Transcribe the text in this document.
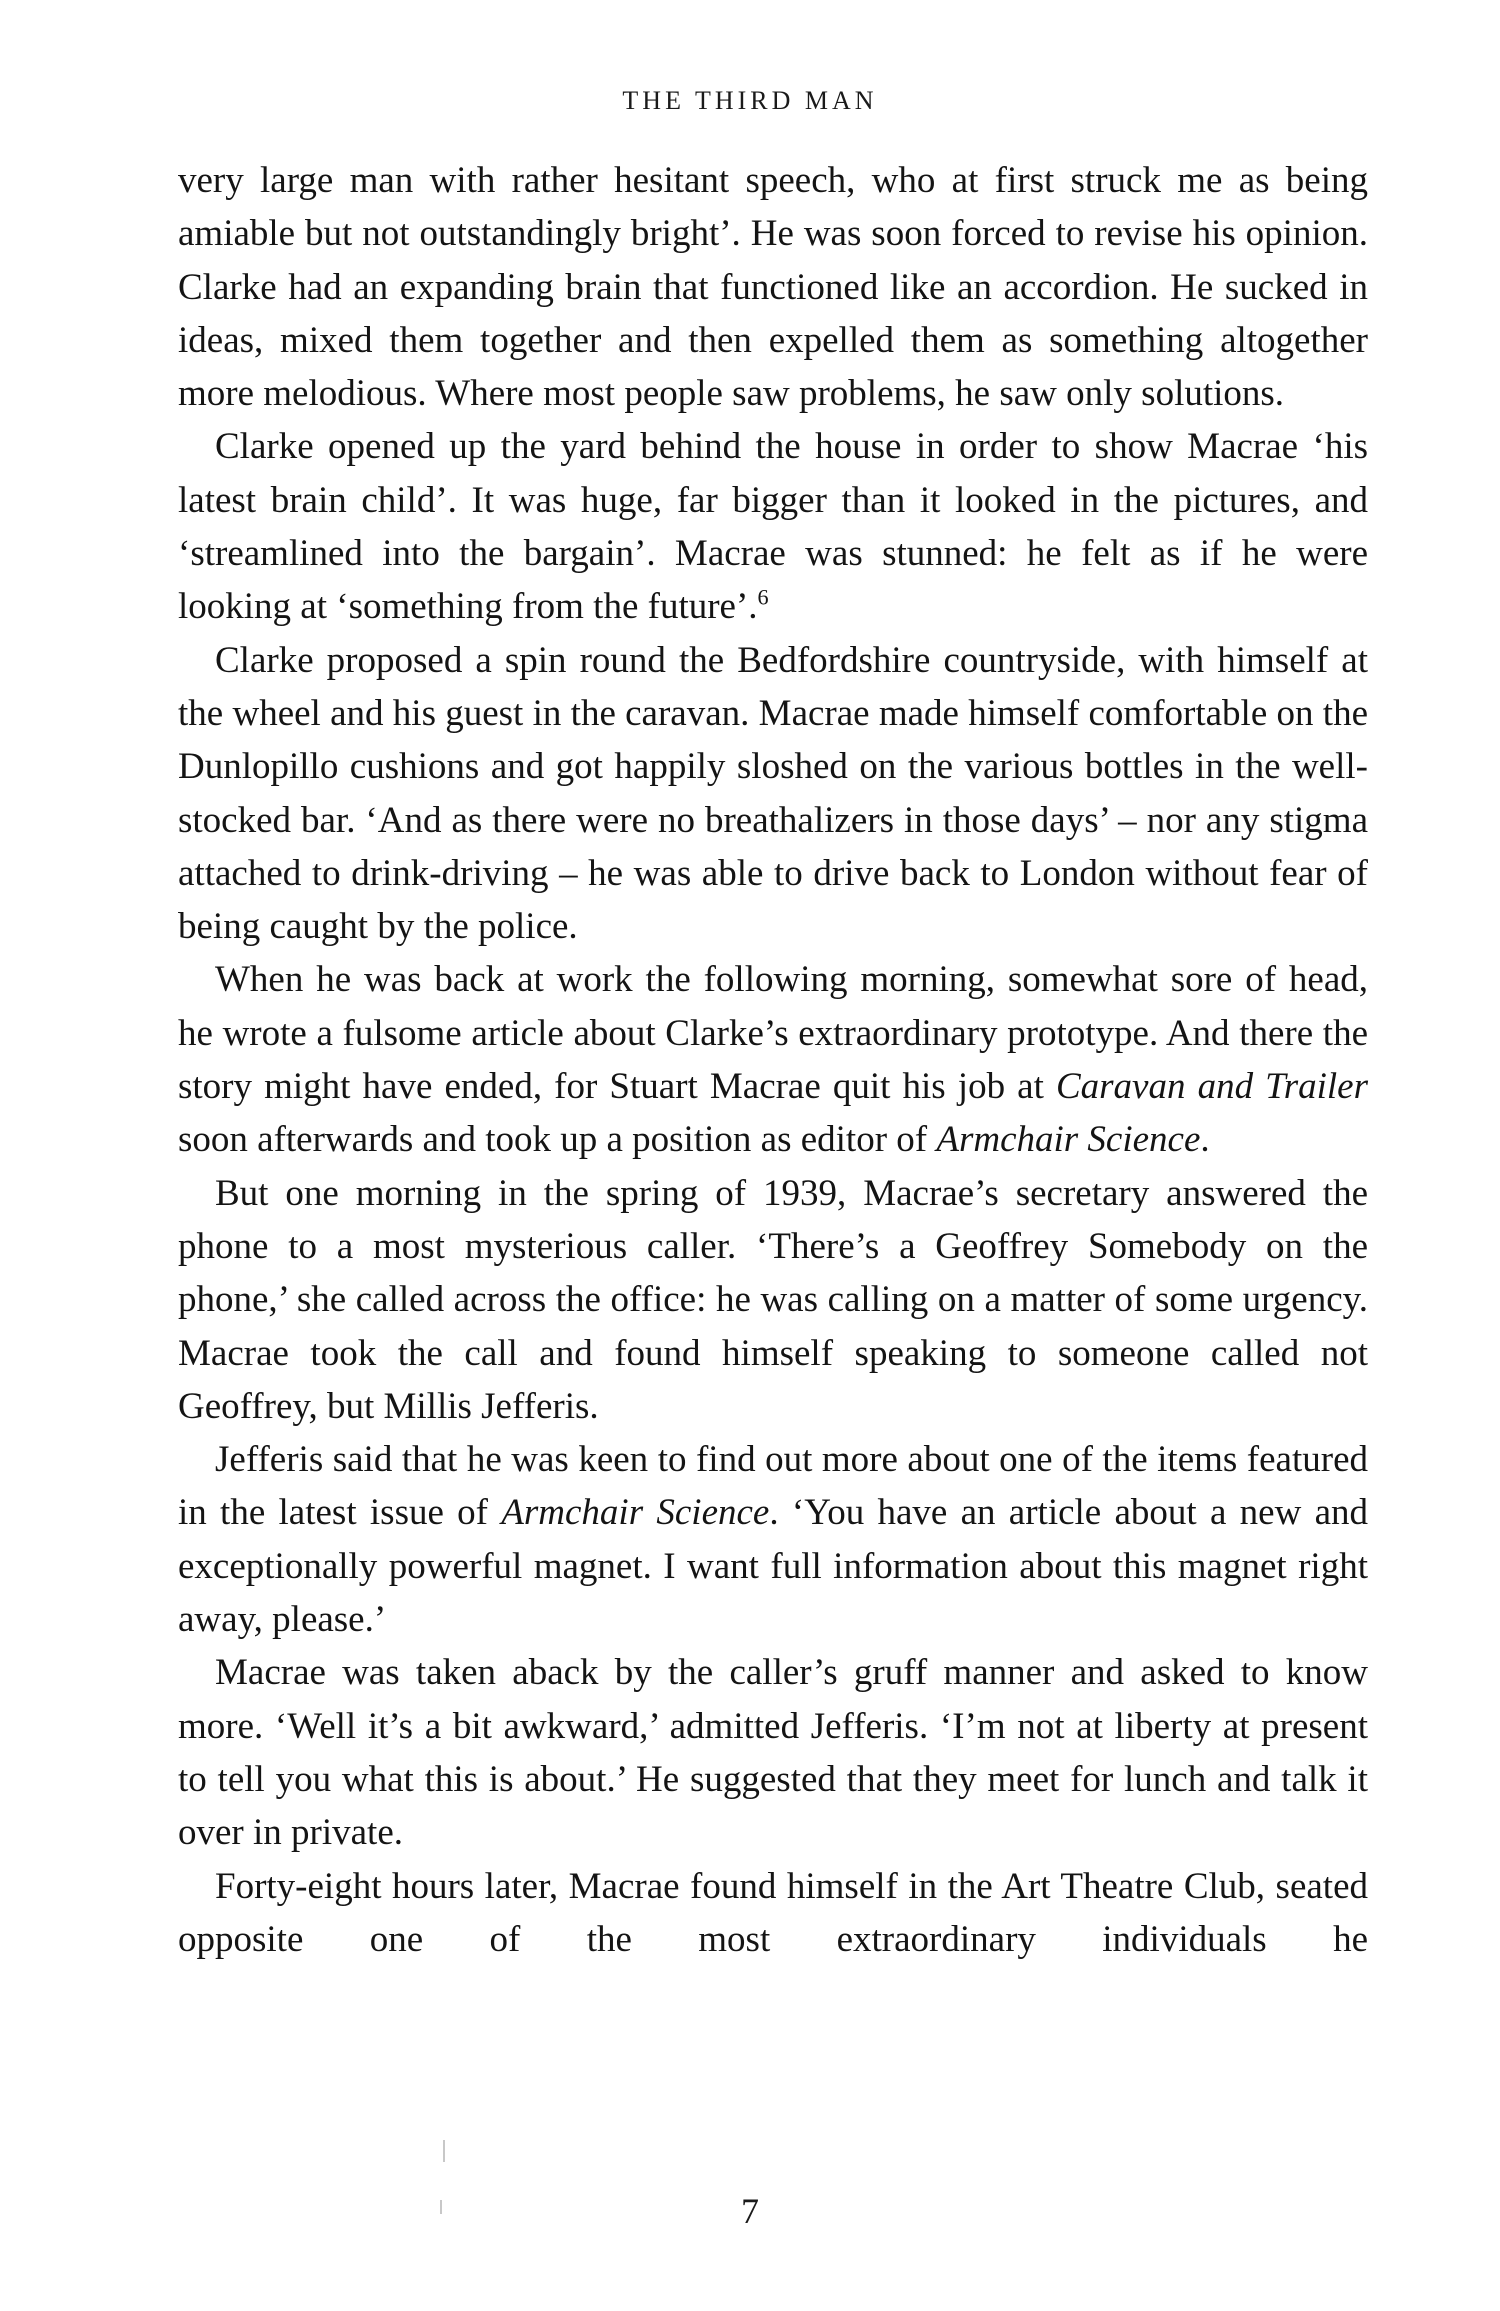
THE THIRD MAN

very large man with rather hesitant speech, who at first struck me as being amiable but not outstandingly bright’. He was soon forced to revise his opinion. Clarke had an expanding brain that functioned like an accordion. He sucked in ideas, mixed them together and then expelled them as something altogether more melodious. Where most people saw problems, he saw only solutions.

 Clarke opened up the yard behind the house in order to show Macrae ‘his latest brain child’. It was huge, far bigger than it looked in the pictures, and ‘streamlined into the bargain’. Macrae was stunned: he felt as if he were looking at ‘something from the future’.$^6$

 Clarke proposed a spin round the Bedfordshire countryside, with himself at the wheel and his guest in the caravan. Macrae made himself comfortable on the Dunlopillo cushions and got happily sloshed on the various bottles in the well-stocked bar. ‘And as there were no breathalizers in those days’ – nor any stigma attached to drink-driving – he was able to drive back to London without fear of being caught by the police.

 When he was back at work the following morning, somewhat sore of head, he wrote a fulsome article about Clarke’s extraordinary prototype. And there the story might have ended, for Stuart Macrae quit his job at Caravan and Trailer soon afterwards and took up a position as editor of Armchair Science.

 But one morning in the spring of 1939, Macrae’s secretary answered the phone to a most mysterious caller. ‘There’s a Geoffrey Somebody on the phone,’ she called across the office: he was calling on a matter of some urgency. Macrae took the call and found himself speaking to someone called not Geoffrey, but Millis Jefferis.

 Jefferis said that he was keen to find out more about one of the items featured in the latest issue of Armchair Science. ‘You have an article about a new and exceptionally powerful magnet. I want full information about this magnet right away, please.’

 Macrae was taken aback by the caller’s gruff manner and asked to know more. ‘Well it’s a bit awkward,’ admitted Jefferis. ‘I’m not at liberty at present to tell you what this is about.’ He suggested that they meet for lunch and talk it over in private.

 Forty-eight hours later, Macrae found himself in the Art Theatre Club, seated opposite one of the most extraordinary individuals he

7
